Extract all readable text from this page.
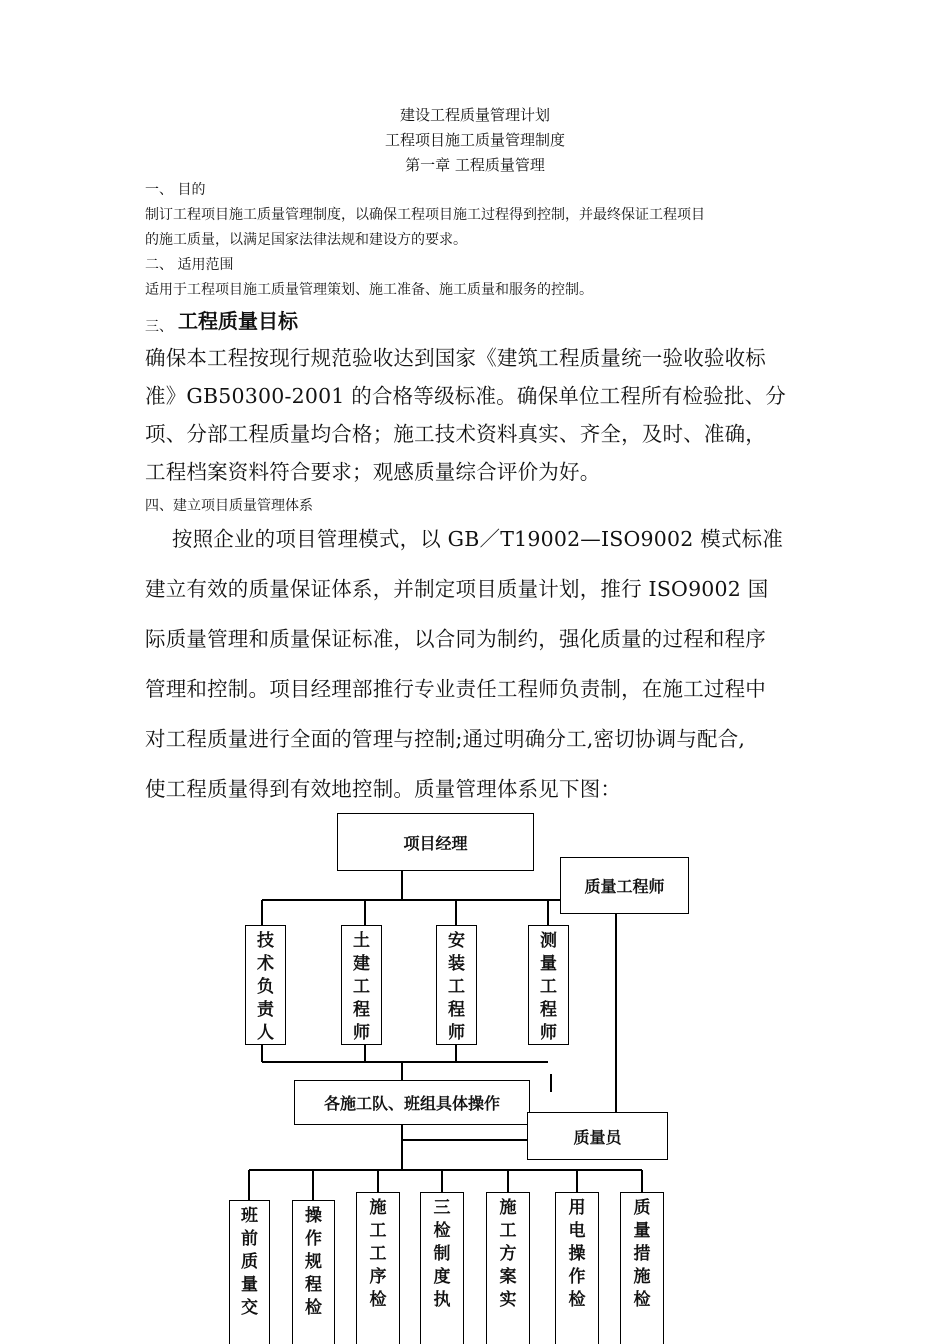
建设工程质量管理计划
工程项目施工质量管理制度
第一章 工程质量管理
一、 目的
制订工程项目施工质量管理制度，以确保工程项目施工过程得到控制，并最终保证工程项目
的施工质量，以满足国家法律法规和建设方的要求。
二、 适用范围
适用于工程项目施工质量管理策划、施工准备、施工质量和服务的控制。
三、 工程质量目标
确保本工程按现行规范验收达到国家《建筑工程质量统一验收验收标
准》GB50300-2001 的合格等级标准。确保单位工程所有检验批、分
项、分部工程质量均合格；施工技术资料真实、齐全，及时、准确，
工程档案资料符合要求；观感质量综合评价为好。
四、建立项目质量管理体系
按照企业的项目管理模式，以 GB／T19002—ISO9002 模式标准
建立有效的质量保证体系，并制定项目质量计划，推行 ISO9002 国
际质量管理和质量保证标准，以合同为制约，强化质量的过程和程序
管理和控制。项目经理部推行专业责任工程师负责制，在施工过程中
对工程质量进行全面的管理与控制;通过明确分工,密切协调与配合,
使工程质量得到有效地控制。质量管理体系见下图：
项目经理
质量工程师
技
术
负
责
人
土
建
工
程
师
安
装
工
程
师
测
量
工
程
师
各施工队、班组具体操作
质量员
班
前
质
量
交
操
作
规
程
检
施
工
工
序
检
三
检
制
度
执
施
工
方
案
实
用
电
操
作
检
质
量
措
施
检
